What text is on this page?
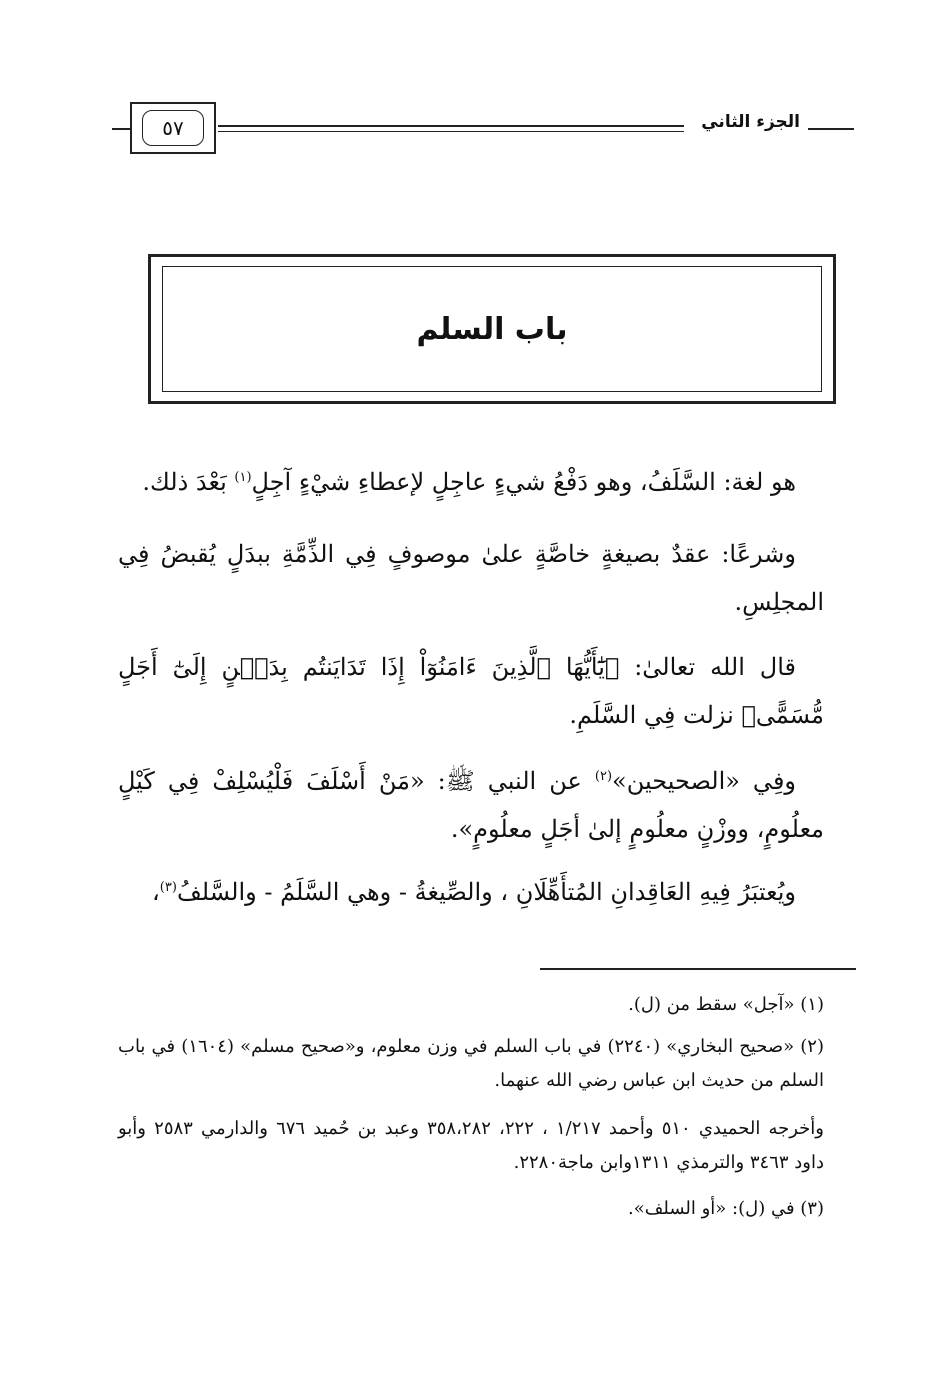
الجزء الثاني
٥٧
باب السلم
هو لغة: السَّلَفُ، وهو دَفْعُ شيءٍ عاجِلٍ لإعطاءِ شيْءٍ آجِلٍ$^{(١)}$ بَعْدَ ذلك.
وشرعًا: عقدٌ بصيغةٍ خاصَّةٍ علىٰ موصوفٍ فِي الذِّمَّةِ ببدَلٍ يُقبضُ فِي المجلِسِ.
قال الله تعالىٰ: ﴿يَٰٓأَيُّهَا ٱلَّذِينَ ءَامَنُوٓاْ إِذَا تَدَايَنتُم بِدَيۡنٍ إِلَىٰٓ أَجَلٍ مُّسَمًّى﴾ نزلت فِي السَّلَمِ.
وفِي «الصحيحين»$^{(٢)}$ عن النبي ﷺ: «مَنْ أَسْلَفَ فَلْيُسْلِفْ فِي كَيْلٍ معلُومٍ، ووزْنٍ معلُومٍ إلىٰ أجَلٍ معلُومٍ».
ويُعتبَرُ فِيهِ العَاقِدانِ المُتأَهِّلَانِ ، والصِّيغةُ - وهي السَّلَمُ - والسَّلفُ$^{(٣)}$،
(١) «آجل» سقط من (ل).
(٢) «صحيح البخاري» (٢٢٤٠) في باب السلم في وزن معلوم، و«صحيح مسلم» (١٦٠٤) في باب السلم من حديث ابن عباس رضي الله عنهما.
وأخرجه الحميدي ٥١٠ وأحمد ١/٢١٧ ، ٢٢٢، ٣٥٨،٢٨٢ وعبد بن حُميد ٦٧٦ والدارمي ٢٥٨٣ وأبو داود ٣٤٦٣ والترمذي ١٣١١وابن ماجة٢٢٨٠.
(٣) في (ل): «أو السلف».
